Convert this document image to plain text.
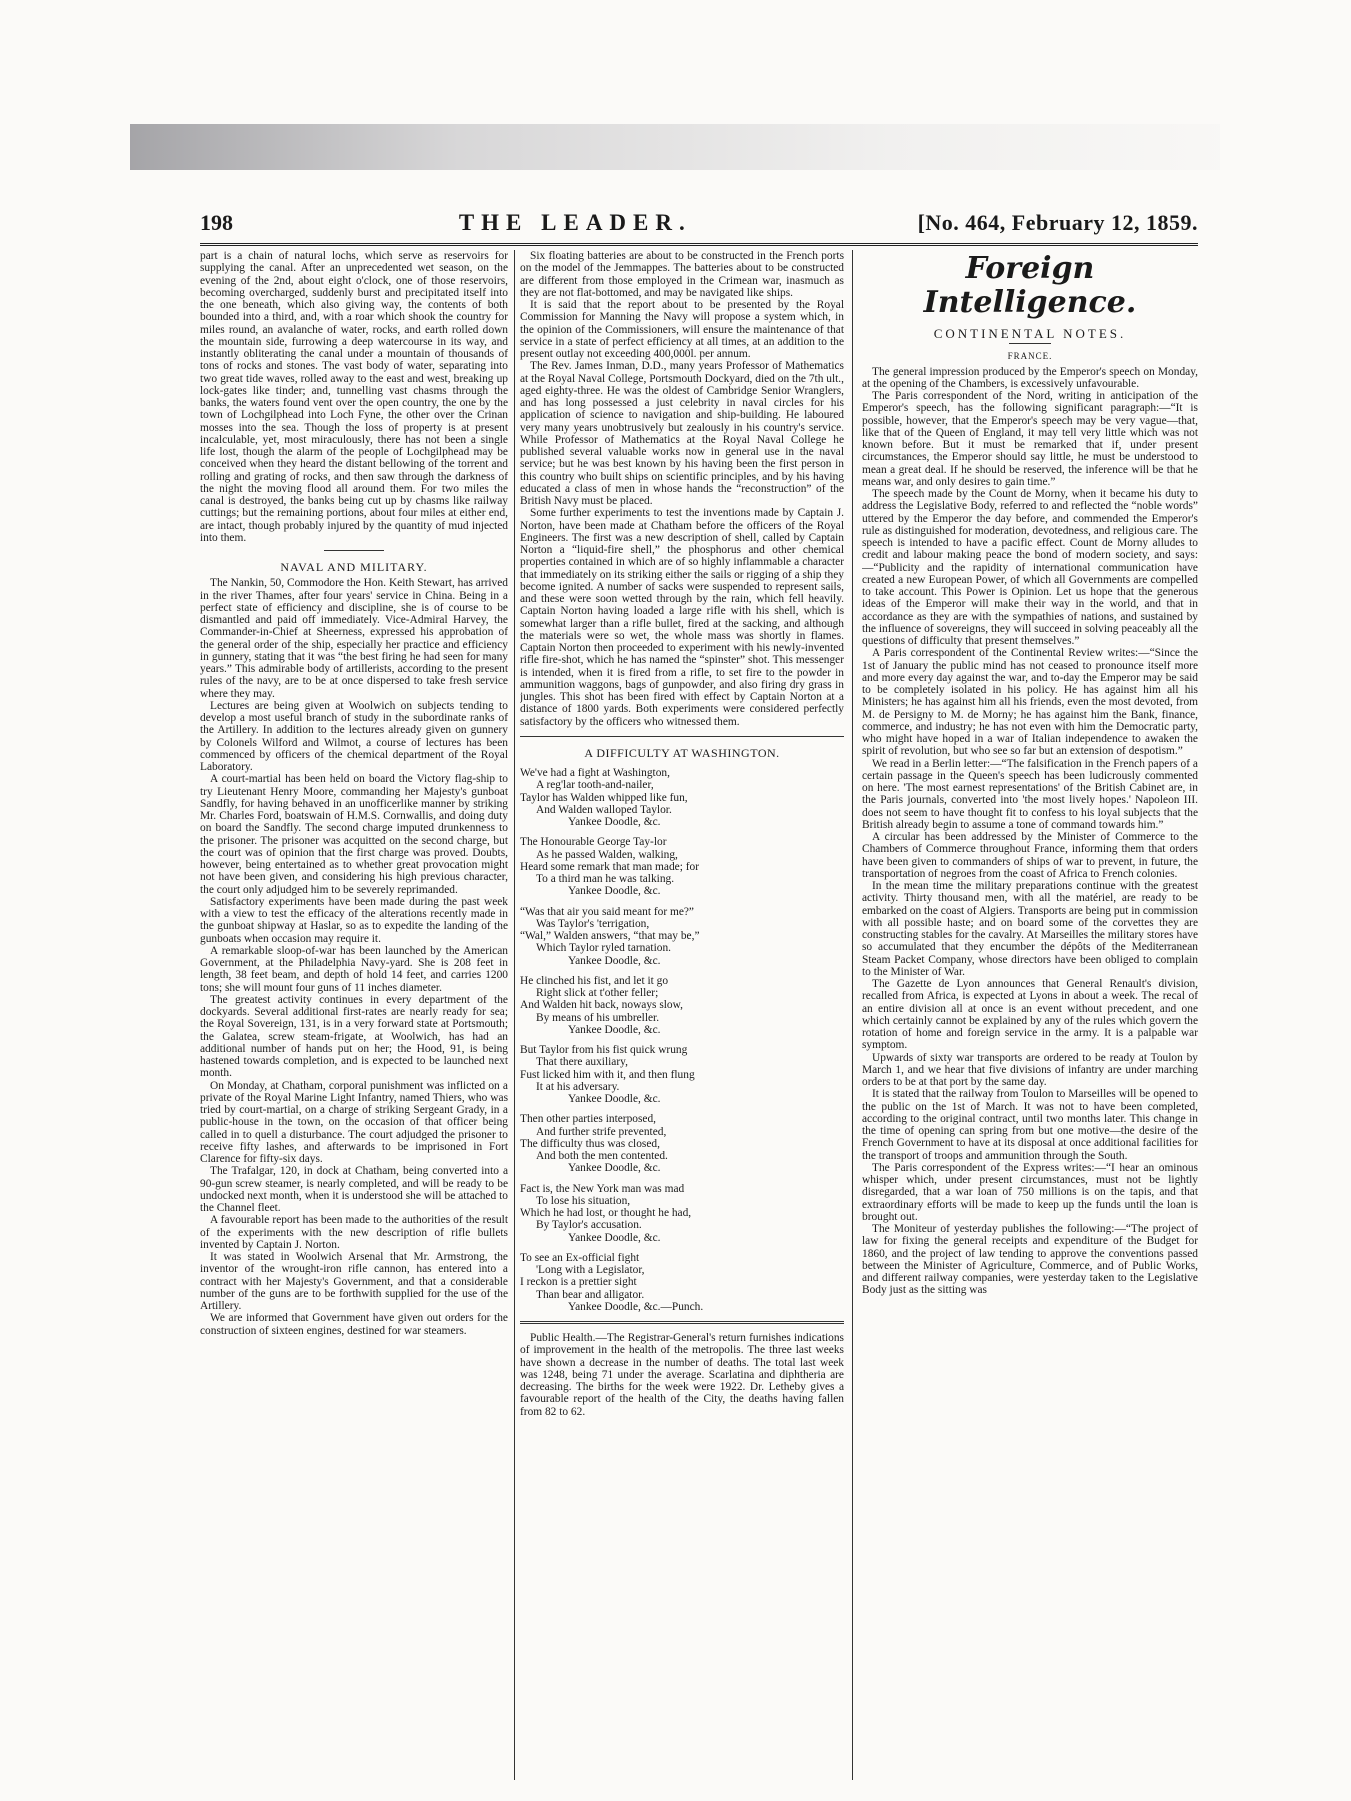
198	THE LEADER.	[No. 464, February 12, 1859.

part is a chain of natural lochs, which serve as reservoirs for supplying the canal. After an unprecedented wet season, on the evening of the 2nd, about eight o'clock, one of those reservoirs, becoming overcharged, suddenly burst and precipitated itself into the one beneath, which also giving way, the contents of both bounded into a third, and, with a roar which shook the country for miles round, an avalanche of water, rocks, and earth rolled down the mountain side, furrowing a deep watercourse in its way, and instantly obliterating the canal under a mountain of thousands of tons of rocks and stones. The vast body of water, separating into two great tide waves, rolled away to the east and west, breaking up lock-gates like tinder; and, tunnelling vast chasms through the banks, the waters found vent over the open country, the one by the town of Lochgilphead into Loch Fyne, the other over the Crinan mosses into the sea. Though the loss of property is at present incalculable, yet, most miraculously, there has not been a single life lost, though the alarm of the people of Lochgilphead may be conceived when they heard the distant bellowing of the torrent and rolling and grating of rocks, and then saw through the darkness of the night the moving flood all around them. For two miles the canal is destroyed, the banks being cut up by chasms like railway cuttings; but the remaining portions, about four miles at either end, are intact, though probably injured by the quantity of mud injected into them.

NAVAL AND MILITARY.

The Nankin, 50, Commodore the Hon. Keith Stewart, has arrived in the river Thames, after four years' service in China. Being in a perfect state of efficiency and discipline, she is of course to be dismantled and paid off immediately. Vice-Admiral Harvey, the Commander-in-Chief at Sheerness, expressed his approbation of the general order of the ship, especially her practice and efficiency in gunnery, stating that it was “the best firing he had seen for many years.” This admirable body of artillerists, according to the present rules of the navy, are to be at once dispersed to take fresh service where they may.

Lectures are being given at Woolwich on subjects tending to develop a most useful branch of study in the subordinate ranks of the Artillery. In addition to the lectures already given on gunnery by Colonels Wilford and Wilmot, a course of lectures has been commenced by officers of the chemical department of the Royal Laboratory.

A court-martial has been held on board the Victory flag-ship to try Lieutenant Henry Moore, commanding her Majesty's gunboat Sandfly, for having behaved in an unofficerlike manner by striking Mr. Charles Ford, boatswain of H.M.S. Cornwallis, and doing duty on board the Sandfly. The second charge imputed drunkenness to the prisoner. The prisoner was acquitted on the second charge, but the court was of opinion that the first charge was proved. Doubts, however, being entertained as to whether great provocation might not have been given, and considering his high previous character, the court only adjudged him to be severely reprimanded.

Satisfactory experiments have been made during the past week with a view to test the efficacy of the alterations recently made in the gunboat shipway at Haslar, so as to expedite the landing of the gunboats when occasion may require it.

A remarkable sloop-of-war has been launched by the American Government, at the Philadelphia Navy-yard. She is 208 feet in length, 38 feet beam, and depth of hold 14 feet, and carries 1200 tons; she will mount four guns of 11 inches diameter.

The greatest activity continues in every department of the dockyards. Several additional first-rates are nearly ready for sea; the Royal Sovereign, 131, is in a very forward state at Portsmouth; the Galatea, screw steam-frigate, at Woolwich, has had an additional number of hands put on her; the Hood, 91, is being hastened towards completion, and is expected to be launched next month.

On Monday, at Chatham, corporal punishment was inflicted on a private of the Royal Marine Light Infantry, named Thiers, who was tried by court-martial, on a charge of striking Sergeant Grady, in a public-house in the town, on the occasion of that officer being called in to quell a disturbance. The court adjudged the prisoner to receive fifty lashes, and afterwards to be imprisoned in Fort Clarence for fifty-six days.

The Trafalgar, 120, in dock at Chatham, being converted into a 90-gun screw steamer, is nearly completed, and will be ready to be undocked next month, when it is understood she will be attached to the Channel fleet.

A favourable report has been made to the authorities of the result of the experiments with the new description of rifle bullets invented by Captain J. Norton.

It was stated in Woolwich Arsenal that Mr. Armstrong, the inventor of the wrought-iron rifle cannon, has entered into a contract with her Majesty's Government, and that a considerable number of the guns are to be forthwith supplied for the use of the Artillery.

We are informed that Government have given out orders for the construction of sixteen engines, destined for war steamers.

Six floating batteries are about to be constructed in the French ports on the model of the Jemmappes. The batteries about to be constructed are different from those employed in the Crimean war, inasmuch as they are not flat-bottomed, and may be navigated like ships.

It is said that the report about to be presented by the Royal Commission for Manning the Navy will propose a system which, in the opinion of the Commissioners, will ensure the maintenance of that service in a state of perfect efficiency at all times, at an addition to the present outlay not exceeding 400,000l. per annum.

The Rev. James Inman, D.D., many years Professor of Mathematics at the Royal Naval College, Portsmouth Dockyard, died on the 7th ult., aged eighty-three. He was the oldest of Cambridge Senior Wranglers, and has long possessed a just celebrity in naval circles for his application of science to navigation and ship-building. He laboured very many years unobtrusively but zealously in his country's service. While Professor of Mathematics at the Royal Naval College he published several valuable works now in general use in the naval service; but he was best known by his having been the first person in this country who built ships on scientific principles, and by his having educated a class of men in whose hands the “reconstruction” of the British Navy must be placed.

Some further experiments to test the inventions made by Captain J. Norton, have been made at Chatham before the officers of the Royal Engineers. The first was a new description of shell, called by Captain Norton a “liquid-fire shell,” the phosphorus and other chemical properties contained in which are of so highly inflammable a character that immediately on its striking either the sails or rigging of a ship they become ignited. A number of sacks were suspended to represent sails, and these were soon wetted through by the rain, which fell heavily. Captain Norton having loaded a large rifle with his shell, which is somewhat larger than a rifle bullet, fired at the sacking, and although the materials were so wet, the whole mass was shortly in flames. Captain Norton then proceeded to experiment with his newly-invented rifle fire-shot, which he has named the “spinster” shot. This messenger is intended, when it is fired from a rifle, to set fire to the powder in ammunition waggons, bags of gunpowder, and also firing dry grass in jungles. This shot has been fired with effect by Captain Norton at a distance of 1800 yards. Both experiments were considered perfectly satisfactory by the officers who witnessed them.

A DIFFICULTY AT WASHINGTON.
We've had a fight at Washington,
A reg'lar tooth-and-nailer,
Taylor has Walden whipped like fun,
And Walden walloped Taylor.
Yankee Doodle, &c.
The Honourable George Tay-lor
As he passed Walden, walking,
Heard some remark that man made; for
To a third man he was talking.
Yankee Doodle, &c.
“Was that air you said meant for me?”
Was Taylor's 'terrigation,
“Wal,” Walden answers, “that may be,”
Which Taylor ryled tarnation.
Yankee Doodle, &c.
He clinched his fist, and let it go
Right slick at t'other feller;
And Walden hit back, noways slow,
By means of his umbreller.
Yankee Doodle, &c.
But Taylor from his fist quick wrung
That there auxiliary,
Fust licked him with it, and then flung
It at his adversary.
Yankee Doodle, &c.
Then other parties interposed,
And further strife prevented,
The difficulty thus was closed,
And both the men contented.
Yankee Doodle, &c.
Fact is, the New York man was mad
To lose his situation,
Which he had lost, or thought he had,
By Taylor's accusation.
Yankee Doodle, &c.
To see an Ex-official fight
'Long with a Legislator,
I reckon is a prettier sight
Than bear and alligator.
Yankee Doodle, &c.—Punch.

Public Health.—The Registrar-General's return furnishes indications of improvement in the health of the metropolis. The three last weeks have shown a decrease in the number of deaths. The total last week was 1248, being 71 under the average. Scarlatina and diphtheria are decreasing. The births for the week were 1922. Dr. Letheby gives a favourable report of the health of the City, the deaths having fallen from 82 to 62.

Foreign Intelligence.
CONTINENTAL NOTES.
FRANCE.

The general impression produced by the Emperor's speech on Monday, at the opening of the Chambers, is excessively unfavourable.

The Paris correspondent of the Nord, writing in anticipation of the Emperor's speech, has the following significant paragraph:—“It is possible, however, that the Emperor's speech may be very vague—that, like that of the Queen of England, it may tell very little which was not known before. But it must be remarked that if, under present circumstances, the Emperor should say little, he must be understood to mean a great deal. If he should be reserved, the inference will be that he means war, and only desires to gain time.”

The speech made by the Count de Morny, when it became his duty to address the Legislative Body, referred to and reflected the “noble words” uttered by the Emperor the day before, and commended the Emperor's rule as distinguished for moderation, devotedness, and religious care. The speech is intended to have a pacific effect. Count de Morny alludes to credit and labour making peace the bond of modern society, and says:—“Publicity and the rapidity of international communication have created a new European Power, of which all Governments are compelled to take account. This Power is Opinion. Let us hope that the generous ideas of the Emperor will make their way in the world, and that in accordance as they are with the sympathies of nations, and sustained by the influence of sovereigns, they will succeed in solving peaceably all the questions of difficulty that present themselves.”

A Paris correspondent of the Continental Review writes:—“Since the 1st of January the public mind has not ceased to pronounce itself more and more every day against the war, and to-day the Emperor may be said to be completely isolated in his policy. He has against him all his Ministers; he has against him all his friends, even the most devoted, from M. de Persigny to M. de Morny; he has against him the Bank, finance, commerce, and industry; he has not even with him the Democratic party, who might have hoped in a war of Italian independence to awaken the spirit of revolution, but who see so far but an extension of despotism.”

We read in a Berlin letter:—“The falsification in the French papers of a certain passage in the Queen's speech has been ludicrously commented on here. 'The most earnest representations' of the British Cabinet are, in the Paris journals, converted into 'the most lively hopes.' Napoleon III. does not seem to have thought fit to confess to his loyal subjects that the British already begin to assume a tone of command towards him.”

A circular has been addressed by the Minister of Commerce to the Chambers of Commerce throughout France, informing them that orders have been given to commanders of ships of war to prevent, in future, the transportation of negroes from the coast of Africa to French colonies.

In the mean time the military preparations continue with the greatest activity. Thirty thousand men, with all the matériel, are ready to be embarked on the coast of Algiers. Transports are being put in commission with all possible haste; and on board some of the corvettes they are constructing stables for the cavalry. At Marseilles the military stores have so accumulated that they encumber the dépôts of the Mediterranean Steam Packet Company, whose directors have been obliged to complain to the Minister of War.

The Gazette de Lyon announces that General Renault's division, recalled from Africa, is expected at Lyons in about a week. The recal of an entire division all at once is an event without precedent, and one which certainly cannot be explained by any of the rules which govern the rotation of home and foreign service in the army. It is a palpable war symptom.

Upwards of sixty war transports are ordered to be ready at Toulon by March 1, and we hear that five divisions of infantry are under marching orders to be at that port by the same day.

It is stated that the railway from Toulon to Marseilles will be opened to the public on the 1st of March. It was not to have been completed, according to the original contract, until two months later. This change in the time of opening can spring from but one motive—the desire of the French Government to have at its disposal at once additional facilities for the transport of troops and ammunition through the South.

The Paris correspondent of the Express writes:—“I hear an ominous whisper which, under present circumstances, must not be lightly disregarded, that a war loan of 750 millions is on the tapis, and that extraordinary efforts will be made to keep up the funds until the loan is brought out.

The Moniteur of yesterday publishes the following:—“The project of law for fixing the general receipts and expenditure of the Budget for 1860, and the project of law tending to approve the conventions passed between the Minister of Agriculture, Commerce, and of Public Works, and different railway companies, were yesterday taken to the Legislative Body just as the sitting was
